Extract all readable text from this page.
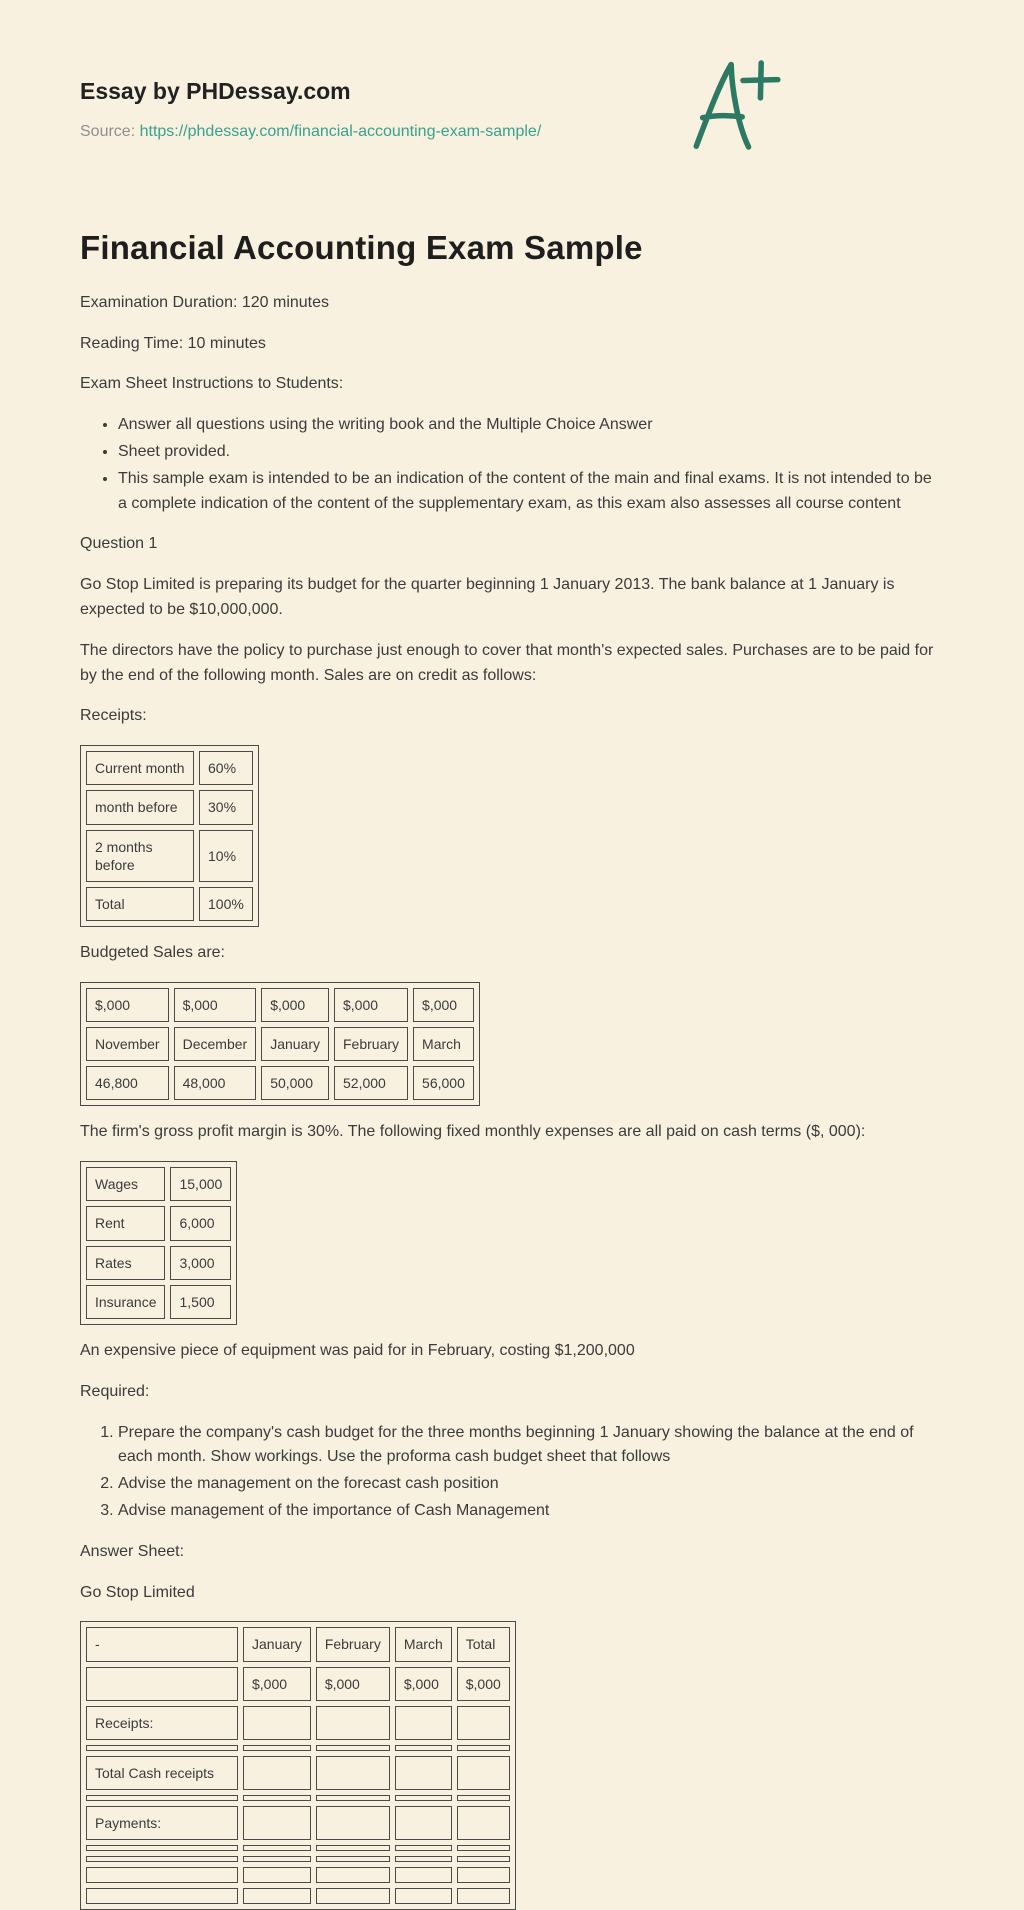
Essay by PHDessay.com

Source: https://phdessay.com/financial-accounting-exam-sample/

Financial Accounting Exam Sample

Examination Duration: 120 minutes

Reading Time: 10 minutes

Exam Sheet Instructions to Students:

• Answer all questions using the writing book and the Multiple Choice Answer
• Sheet provided.
• This sample exam is intended to be an indication of the content of the main and final exams. It is not intended to be a complete indication of the content of the supplementary exam, as this exam also assesses all course content

Question 1

Go Stop Limited is preparing its budget for the quarter beginning 1 January 2013. The bank balance at 1 January is expected to be $10,000,000.

The directors have the policy to purchase just enough to cover that month's expected sales. Purchases are to be paid for by the end of the following month. Sales are on credit as follows:

Receipts:

Current month	60%
month before	30%
2 months before	10%
Total	100%

Budgeted Sales are:

$,000	$,000	$,000	$,000	$,000
November	December	January	February	March
46,800	48,000	50,000	52,000	56,000

The firm's gross profit margin is 30%. The following fixed monthly expenses are all paid on cash terms ($, 000):

Wages	15,000
Rent	6,000
Rates	3,000
Insurance	1,500

An expensive piece of equipment was paid for in February, costing $1,200,000

Required:

1. Prepare the company's cash budget for the three months beginning 1 January showing the balance at the end of each month. Show workings. Use the proforma cash budget sheet that follows
2. Advise the management on the forecast cash position
3. Advise management of the importance of Cash Management

Answer Sheet:

Go Stop Limited

-	January	February	March	Total
	$,000	$,000	$,000	$,000
Receipts:				

Total Cash receipts				

Payments:				
